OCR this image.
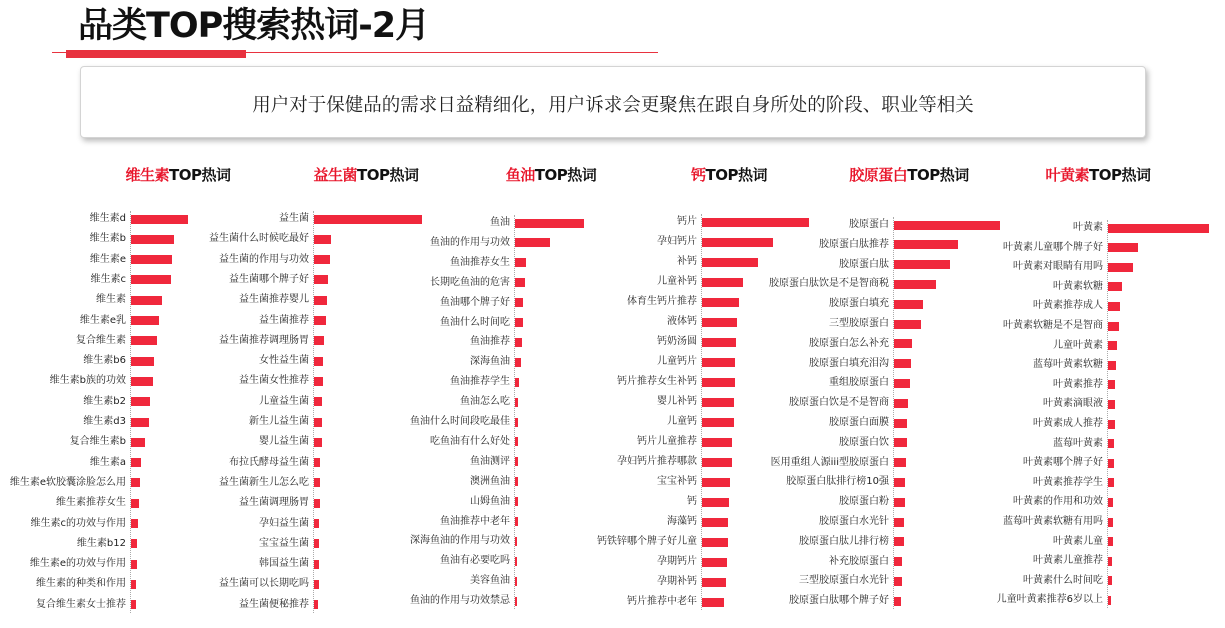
品类TOP搜索热词-2月
用户对于保健品的需求日益精细化，用户诉求会更聚焦在跟自身所处的阶段、职业等相关
维生素TOP热词
维生素d
维生素b
维生素e
维生素c
维生素
维生素e乳
复合维生素
维生素b6
维生素b族的功效
维生素b2
维生素d3
复合维生素b
维生素a
维生素e软胶囊涂脸怎么用
维生素推荐女生
维生素c的功效与作用
维生素b12
维生素e的功效与作用
维生素的种类和作用
复合维生素女士推荐
益生菌TOP热词
益生菌
益生菌什么时候吃最好
益生菌的作用与功效
益生菌哪个牌子好
益生菌推荐婴儿
益生菌推荐
益生菌推荐调理肠胃
女性益生菌
益生菌女性推荐
儿童益生菌
新生儿益生菌
婴儿益生菌
布拉氏酵母益生菌
益生菌新生儿怎么吃
益生菌调理肠胃
孕妇益生菌
宝宝益生菌
韩国益生菌
益生菌可以长期吃吗
益生菌便秘推荐
鱼油TOP热词
鱼油
鱼油的作用与功效
鱼油推荐女生
长期吃鱼油的危害
鱼油哪个牌子好
鱼油什么时间吃
鱼油推荐
深海鱼油
鱼油推荐学生
鱼油怎么吃
鱼油什么时间段吃最佳
吃鱼油有什么好处
鱼油测评
澳洲鱼油
山姆鱼油
鱼油推荐中老年
深海鱼油的作用与功效
鱼油有必要吃吗
美容鱼油
鱼油的作用与功效禁忌
钙TOP热词
钙片
孕妇钙片
补钙
儿童补钙
体育生钙片推荐
液体钙
钙奶汤圆
儿童钙片
钙片推荐女生补钙
婴儿补钙
儿童钙
钙片儿童推荐
孕妇钙片推荐哪款
宝宝补钙
钙
海藻钙
钙铁锌哪个牌子好儿童
孕期钙片
孕期补钙
钙片推荐中老年
胶原蛋白TOP热词
胶原蛋白
胶原蛋白肽推荐
胶原蛋白肽
胶原蛋白肽饮是不是智商税
胶原蛋白填充
三型胶原蛋白
胶原蛋白怎么补充
胶原蛋白填充泪沟
重组胶原蛋白
胶原蛋白饮是不是智商
胶原蛋白面膜
胶原蛋白饮
医用重组人源iii型胶原蛋白
胶原蛋白肽排行榜10强
胶原蛋白粉
胶原蛋白水光针
胶原蛋白肽儿排行榜
补充胶原蛋白
三型胶原蛋白水光针
胶原蛋白肽哪个牌子好
叶黄素TOP热词
叶黄素
叶黄素儿童哪个牌子好
叶黄素对眼睛有用吗
叶黄素软糖
叶黄素推荐成人
叶黄素软糖是不是智商
儿童叶黄素
蓝莓叶黄素软糖
叶黄素推荐
叶黄素滴眼液
叶黄素成人推荐
蓝莓叶黄素
叶黄素哪个牌子好
叶黄素推荐学生
叶黄素的作用和功效
蓝莓叶黄素软糖有用吗
叶黄素儿童
叶黄素儿童推荐
叶黄素什么时间吃
儿童叶黄素推荐6岁以上
